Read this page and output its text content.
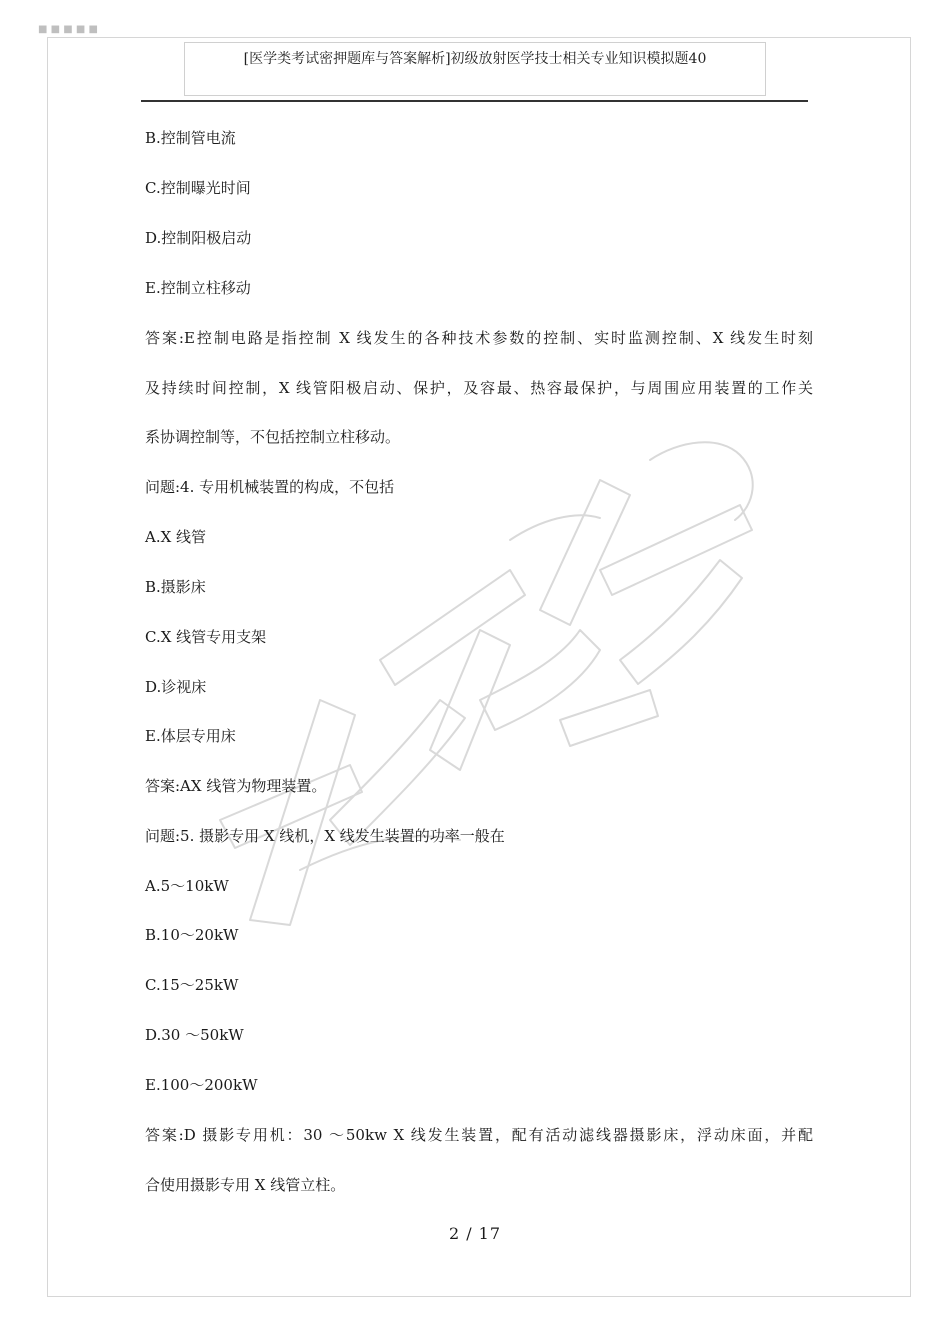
■ ■ ■ ■ ■
[医学类考试密押题库与答案解析]初级放射医学技士相关专业知识模拟题40
B.控制管电流
C.控制曝光时间
D.控制阳极启动
E.控制立柱移动
答案:E控制电路是指控制 X 线发生的各种技术参数的控制、实时监测控制、X 线发生时刻
及持续时间控制，X 线管阳极启动、保护，及容最、热容最保护，与周围应用装置的工作关
系协调控制等，不包括控制立柱移动。
问题:4. 专用机械装置的构成，不包括
A.X 线管
B.摄影床
C.X 线管专用支架
D.诊视床
E.体层专用床
答案:AX 线管为物理装置。
问题:5. 摄影专用 X 线机，X 线发生装置的功率一般在
A.5～10kW
B.10～20kW
C.15～25kW
D.30 ～50kW
E.100～200kW
答案:D 摄影专用机：30 ～50kw X 线发生装置，配有活动滤线器摄影床，浮动床面，并配
合使用摄影专用 X 线管立柱。
2 / 17
